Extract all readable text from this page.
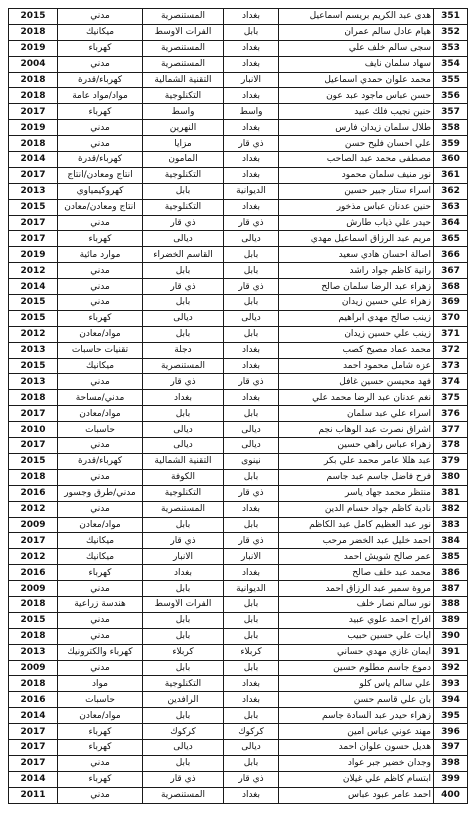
2015	مدني	المستنصرية	بغداد	هدى عبد الكريم بريسم اسماعيل	351
2018	ميكانيك	الفرات الاوسط	بابل	هيام عادل سالم عمران	352
2019	كهرباء	المستنصرية	بغداد	سجى سالم خلف علي	353
2004	مدني	المستنصرية	بغداد	سهاد سلمان نايف	354
2018	كهرباء/قدرة	التقنية الشمالية	الانبار	محمد علوان حمدي اسماعيل	355
2018	مواد/مواد عامة	التكنلوجية	بغداد	حسن عباس ماجود عبد عون	356
2017	كهرباء	واسط	واسط	حنين نجيب فلك عبيد	357
2019	مدني	النهرين	بغداد	طلال سلمان زيدان فارس	358
2018	مدني	مزايا	ذي قار	علي احسان فليح حسن	359
2014	كهرباء/قدرة	المامون	بغداد	مصطفى محمد عبد الصاحب	360
2017	انتاج ومعادن/انتاج	التكنلوجية	بغداد	نور منيف سلمان محمود	361
2013	كهروكيمياوي	بابل	الديوانية	اسراء ستار جبير حسين	362
2015	انتاج ومعادن/معادن	التكنلوجية	بغداد	حنين عدنان عباس مذخور	363
2017	مدني	ذي قار	ذي قار	حيدر علي ذياب طارش	364
2017	كهرباء	ديالى	ديالى	مريم عبد الرزاق اسماعيل مهدي	365
2019	موارد مائية	القاسم الخضراء	بابل	اصالة احسان هادي سعيد	366
2012	مدني	بابل	بابل	رانية كاظم جواد راشد	367
2014	مدني	ذي قار	ذي قار	زهراء عبد الرضا سلمان صالح	368
2015	مدني	بابل	بابل	زهراء علي حسين زيدان	369
2015	كهرباء	ديالى	ديالى	زينب صالح مهدي ابراهيم	370
2012	مواد/معادن	بابل	بابل	زينب علي حسين زيدان	371
2013	تقنيات حاسبات	دجلة	بغداد	محمد عماد مصيخ كصب	372
2015	ميكانيك	المستنصرية	بغداد	عزه شامل محمود احمد	373
2013	مدني	ذي قار	ذي قار	فهد محيسن حسين غافل	374
2018	مدني/مساحة	بغداد	بغداد	نغم عدنان عبد الرضا محمد علي	375
2017	مواد/معادن	بابل	بابل	اسراء علي عبد سلمان	376
2010	حاسبات	ديالى	ديالى	اشراق نصرت عبد الوهاب نجم	377
2017	مدني	ديالى	ديالى	زهراء عباس راهي حسين	378
2015	كهرباء/قدرة	التقنية الشمالية	نينوى	عبد هللا عامر محمد علي بكر	379
2018	مدني	الكوفة	بابل	فرح فاضل جاسم عبد جاسم	380
2016	مدني/طرق وجسور	التكنلوجية	ذي قار	منتظر محمد جهاد ياسر	381
2012	مدني	المستنصرية	بغداد	نادية كاظم جواد حسام الدين	382
2009	مواد/معادن	بابل	بابل	نور عبد العظيم كامل عبد الكاظم	383
2017	ميكانيك	ذي قار	ذي قار	احمد خليل عبد الخضر مرحب	384
2012	ميكانيك	الانبار	الانبار	عمر صالح شويش احمد	385
2016	كهرباء	بغداد	بغداد	محمد عبد خلف صالح	386
2009	مدني	بابل	الديوانية	مروة سمير عبد الرزاق احمد	387
2018	هندسة زراعية	الفرات الاوسط	بابل	نور سالم نصار خلف	388
2015	مدني	بابل	بابل	افراح احمد علوي عبيد	389
2018	مدني	بابل	بابل	ايات علي حسين حبيب	390
2013	كهرباء والكترونيك	كربلاء	كربلاء	ايمان غازي مهدي حساني	391
2009	مدني	بابل	بابل	دموع جاسم مطلوم حسين	392
2018	مواد	التكنلوجية	بغداد	علي سالم ياس كلو	393
2016	حاسبات	الرافدين	بغداد	بان علي قاسم حسن	394
2014	مواد/معادن	بابل	بابل	زهراء حيدر عبد السادة جاسم	395
2017	كهرباء	كركوك	كركوك	مهند عوني عباس امين	396
2017	كهرباء	ديالى	ديالى	هديل حسون علوان احمد	397
2017	مدني	بابل	بابل	وجدان خضير جبر عواد	398
2014	كهرباء	ذي قار	ذي قار	ابتسام كاظم علي غيلان	399
2011	مدني	المستنصرية	بغداد	احمد عامر عبود عباس	400
